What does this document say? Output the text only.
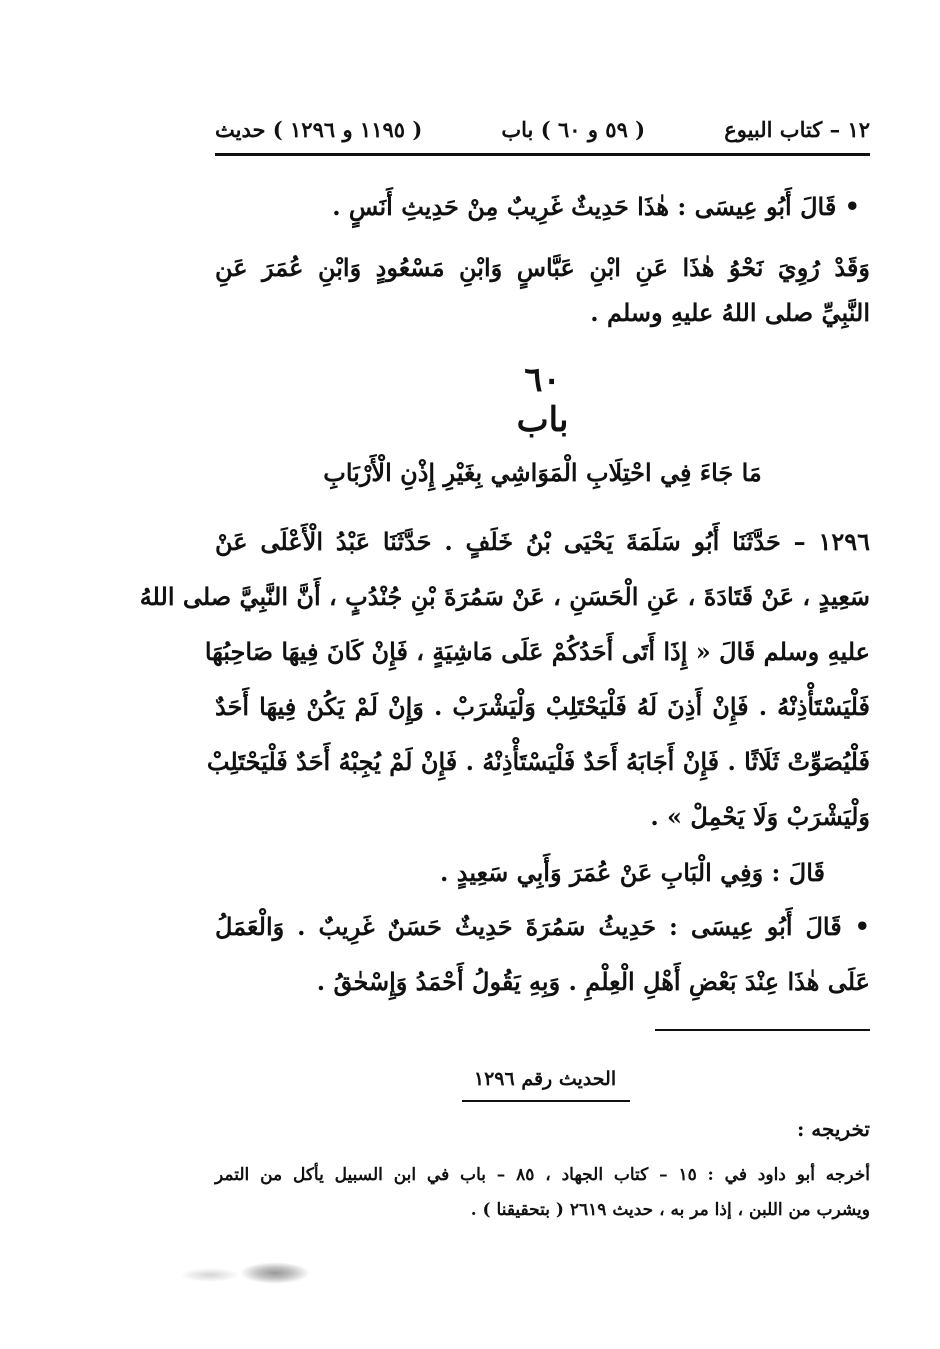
١٢ – كتاب البيوع
( ٥٩ و ٦٠ ) باب
( ١١٩٥ و ١٢٩٦ ) حديث
• قَالَ أَبُو عِيسَى : هٰذَا حَدِيثٌ غَرِيبٌ مِنْ حَدِيثِ أَنَسٍ .
وَقَدْ رُوِيَ نَحْوُ هٰذَا عَنِ ابْنِ عَبَّاسٍ وَابْنِ مَسْعُودٍ وَابْنِ عُمَرَ عَنِ
النَّبِيِّ صلى اللهُ عليهِ وسلم .
٦٠
باب
مَا جَاءَ فِي احْتِلَابِ الْمَوَاشِي بِغَيْرِ إِذْنِ الْأَرْبَابِ
١٢٩٦ – حَدَّثَنَا أَبُو سَلَمَةَ يَحْيَى بْنُ خَلَفٍ . حَدَّثَنَا عَبْدُ الْأَعْلَى عَنْ
سَعِيدٍ ، عَنْ قَتَادَةَ ، عَنِ الْحَسَنِ ، عَنْ سَمُرَةَ بْنِ جُنْدُبٍ ، أَنَّ النَّبِيَّ صلى اللهُ
عليهِ وسلم قَالَ « إِذَا أَتَى أَحَدُكُمْ عَلَى مَاشِيَةٍ ، فَإِنْ كَانَ فِيهَا صَاحِبُهَا
فَلْيَسْتَأْذِنْهُ . فَإِنْ أَذِنَ لَهُ فَلْيَحْتَلِبْ وَلْيَشْرَبْ . وَإِنْ لَمْ يَكُنْ فِيهَا أَحَدٌ
فَلْيُصَوِّتْ ثَلَاثًا . فَإِنْ أَجَابَهُ أَحَدٌ فَلْيَسْتَأْذِنْهُ . فَإِنْ لَمْ يُجِبْهُ أَحَدٌ فَلْيَحْتَلِبْ
وَلْيَشْرَبْ وَلَا يَحْمِلْ » .
قَالَ : وَفِي الْبَابِ عَنْ عُمَرَ وَأَبِي سَعِيدٍ .
• قَالَ أَبُو عِيسَى : حَدِيثُ سَمُرَةَ حَدِيثٌ حَسَنٌ غَرِيبٌ . وَالْعَمَلُ
عَلَى هٰذَا عِنْدَ بَعْضِ أَهْلِ الْعِلْمِ . وَبِهِ يَقُولُ أَحْمَدُ وَإِسْحٰقُ .
الحديث رقم ١٢٩٦
تخريجه :
أخرجه أبو داود في : ١٥ – كتاب الجهاد ، ٨٥ – باب في ابن السبيل يأكل من التمر
ويشرب من اللبن ، إذا مر به ، حديث ٢٦١٩ ( بتحقيقنا ) .
